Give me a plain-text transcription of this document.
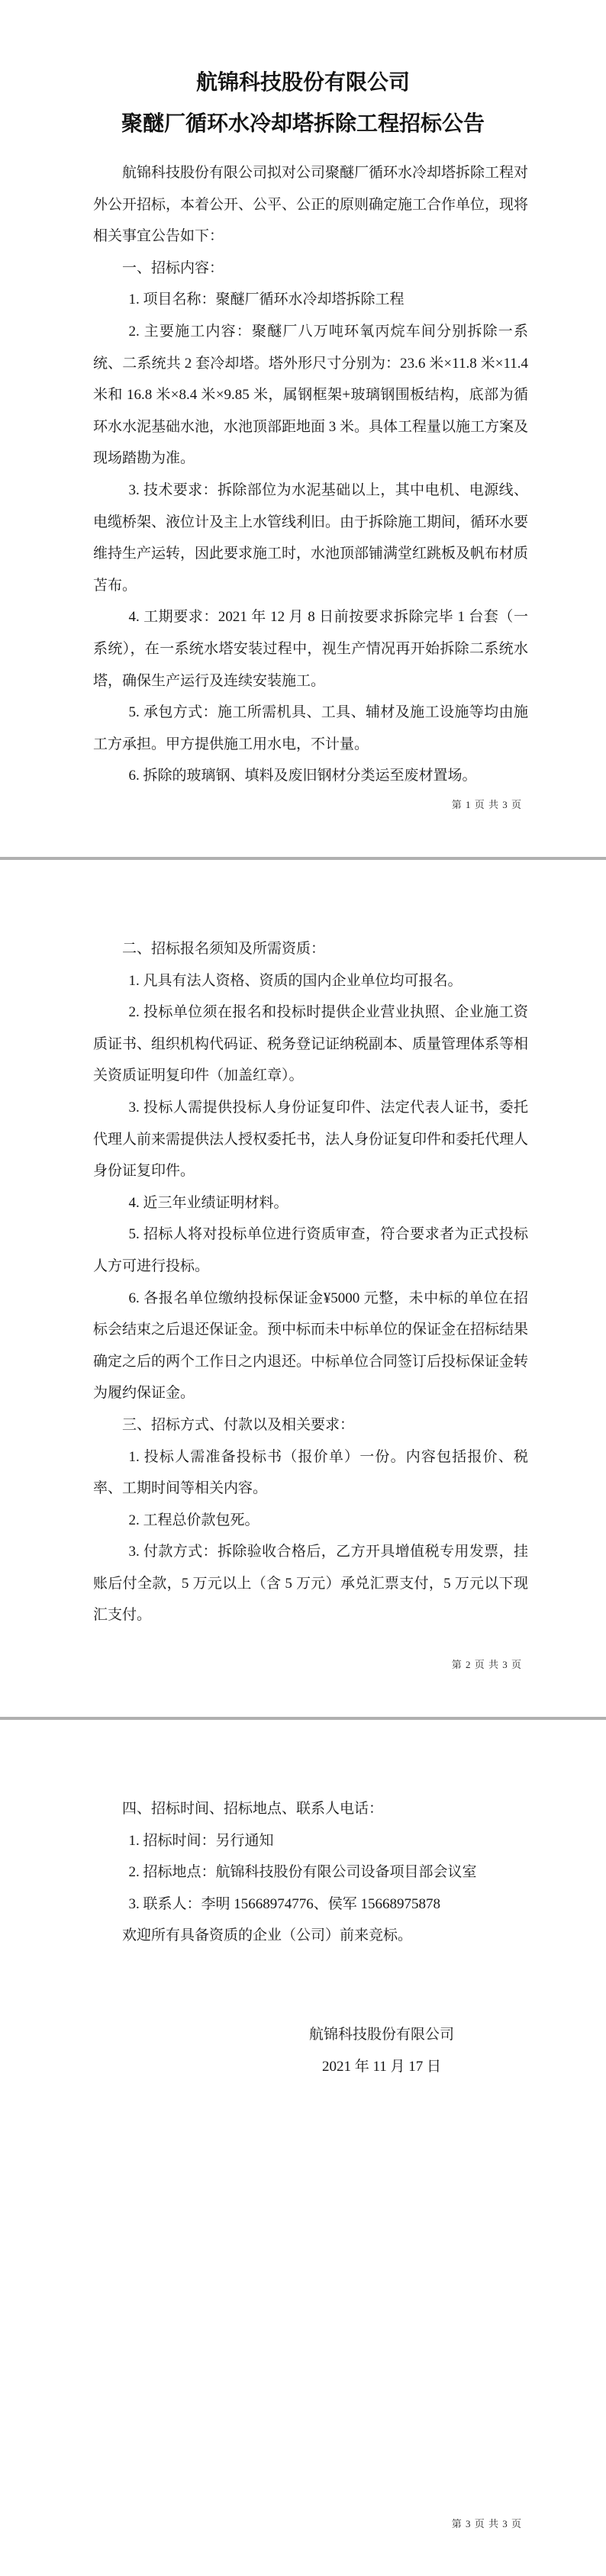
航锦科技股份有限公司
聚醚厂循环水冷却塔拆除工程招标公告

航锦科技股份有限公司拟对公司聚醚厂循环水冷却塔拆除工程对外公开招标，本着公开、公平、公正的原则确定施工合作单位，现将相关事宜公告如下：

一、招标内容：

1. 项目名称：聚醚厂循环水冷却塔拆除工程

2. 主要施工内容：聚醚厂八万吨环氧丙烷车间分别拆除一系统、二系统共 2 套冷却塔。塔外形尺寸分别为：23.6 米×11.8 米×11.4 米和 16.8 米×8.4 米×9.85 米，属钢框架+玻璃钢围板结构，底部为循环水水泥基础水池，水池顶部距地面 3 米。具体工程量以施工方案及现场踏勘为准。

3. 技术要求：拆除部位为水泥基础以上，其中电机、电源线、电缆桥架、液位计及主上水管线利旧。由于拆除施工期间，循环水要维持生产运转，因此要求施工时，水池顶部铺满堂红跳板及帆布材质苫布。

4. 工期要求：2021 年 12 月 8 日前按要求拆除完毕 1 台套（一系统），在一系统水塔安装过程中，视生产情况再开始拆除二系统水塔，确保生产运行及连续安装施工。

5. 承包方式：施工所需机具、工具、辅材及施工设施等均由施工方承担。甲方提供施工用水电，不计量。

6. 拆除的玻璃钢、填料及废旧钢材分类运至废材置场。

第 1 页 共 3 页

二、招标报名须知及所需资质：

1. 凡具有法人资格、资质的国内企业单位均可报名。

2. 投标单位须在报名和投标时提供企业营业执照、企业施工资质证书、组织机构代码证、税务登记证纳税副本、质量管理体系等相关资质证明复印件（加盖红章）。

3. 投标人需提供投标人身份证复印件、法定代表人证书，委托代理人前来需提供法人授权委托书，法人身份证复印件和委托代理人身份证复印件。

4. 近三年业绩证明材料。

5. 招标人将对投标单位进行资质审查，符合要求者为正式投标人方可进行投标。

6. 各报名单位缴纳投标保证金¥5000 元整，未中标的单位在招标会结束之后退还保证金。预中标而未中标单位的保证金在招标结果确定之后的两个工作日之内退还。中标单位合同签订后投标保证金转为履约保证金。

三、招标方式、付款以及相关要求：

1. 投标人需准备投标书（报价单）一份。内容包括报价、税率、工期时间等相关内容。

2. 工程总价款包死。

3. 付款方式：拆除验收合格后，乙方开具增值税专用发票，挂账后付全款，5 万元以上（含 5 万元）承兑汇票支付，5 万元以下现汇支付。

第 2 页 共 3 页

四、招标时间、招标地点、联系人电话：

1. 招标时间：另行通知

2. 招标地点：航锦科技股份有限公司设备项目部会议室

3. 联系人：李明 15668974776、侯军 15668975878

欢迎所有具备资质的企业（公司）前来竞标。

航锦科技股份有限公司
2021 年 11 月 17 日
第 3 页 共 3 页
